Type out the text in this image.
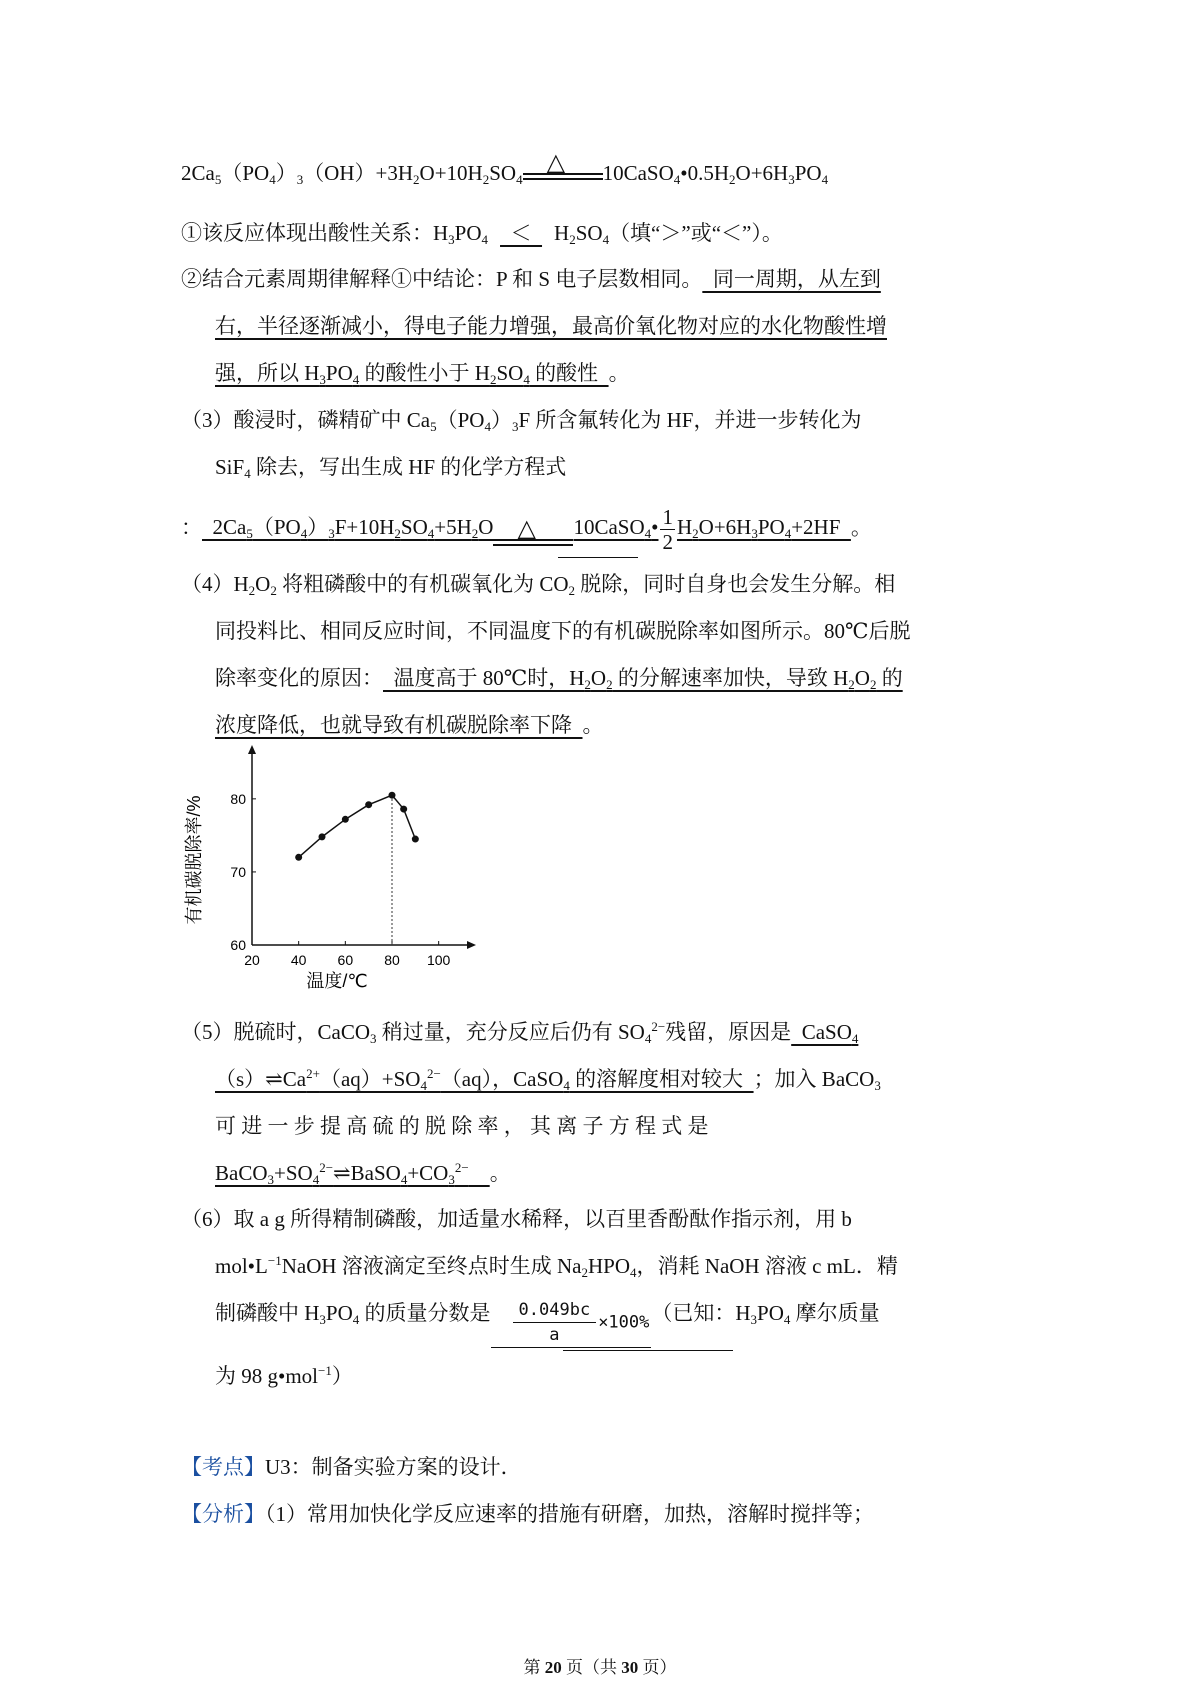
$2Ca_5(PO_4)_3(OH)+3H_2O+10H_2SO_4$
△ $10CaSO_4•0.5H_2O+6H_3PO_4$
①该反应体现出酸性关系：$H_3PO_4 < H_2SO_4$（填“＞”或“＜”）。
②结合元素周期律解释①中结论：P 和 S 电子层数相同。  同一周期，从左到
右，半径逐渐减小，得电子能力增强，最高价氧化物对应的水化物酸性增
强，所以 $H_3PO_4$ 的酸性小于 $H_2SO_4$ 的酸性  。
（3）酸浸时，磷精矿中 $Ca_5(PO_4)_3F$ 所含氟转化为 HF，并进一步转化为
SiF$_4$ 除去，写出生成 HF 的化学方程式
：  $2Ca_5(PO_4)_3F+10H_2SO_4+5H_2O$ △ 10CaSO$_4$• $\frac{1}{2} H_2O+6H_3PO_4+2HF$  。
$(4)H_2O_2$ 将粗磷酸中的有机碳氧化为 $CO_2$ 脱除，同时自身也会发生分解。相
同投料比、相同反应时间，不同温度下的有机碳脱除率如图所示。80℃后脱
除率变化的原因：  温度高于 80℃时，$H_2O_2$ 的分解速率加快，导致 $H_2O_2$ 的
浓度降低，也就导致有机碳脱除率下降  。
20 40 60 80 100
60
70
80
温度/℃
有机碳脱除率/%
（5）脱硫时，CaCO$_3$ 稍过量，充分反应后仍有 $SO_4^{2-}$残留，原因是  CaSO$_4$
$(s)\rightleftharpoons Ca^{2+}(aq)+SO_4^{2-}(aq)$，CaSO$_4$ 的溶解度相对较大  ；加入 BaCO$_3$
可 进 一 步 提 高 硫 的 脱 除 率 ， 其 离 子 方 程 式 是
$BaCO_3+SO_4^{2-}\rightleftharpoons BaSO_4+CO_3^{2-}$ 。
（6）取 a g 所得精制磷酸，加适量水稀释，以百里香酚酞作指示剂，用 b
$mol•L^{-1}NaOH$ 溶液滴定至终点时生成 $Na_2HPO_4$，消耗 NaOH 溶液 c mL．精
制磷酸中 $H_3PO_4$ 的质量分数是 $\frac{0.049bc}{a} \times 100\%$（已知：$H_3PO_4$ 摩尔质量
为 98 g•mol$^{-1}$）
【考点】U3：制备实验方案的设计．
【分析】（1）常用加快化学反应速率的措施有研磨，加热，溶解时搅拌等；
第 20 页（共 30 页）
